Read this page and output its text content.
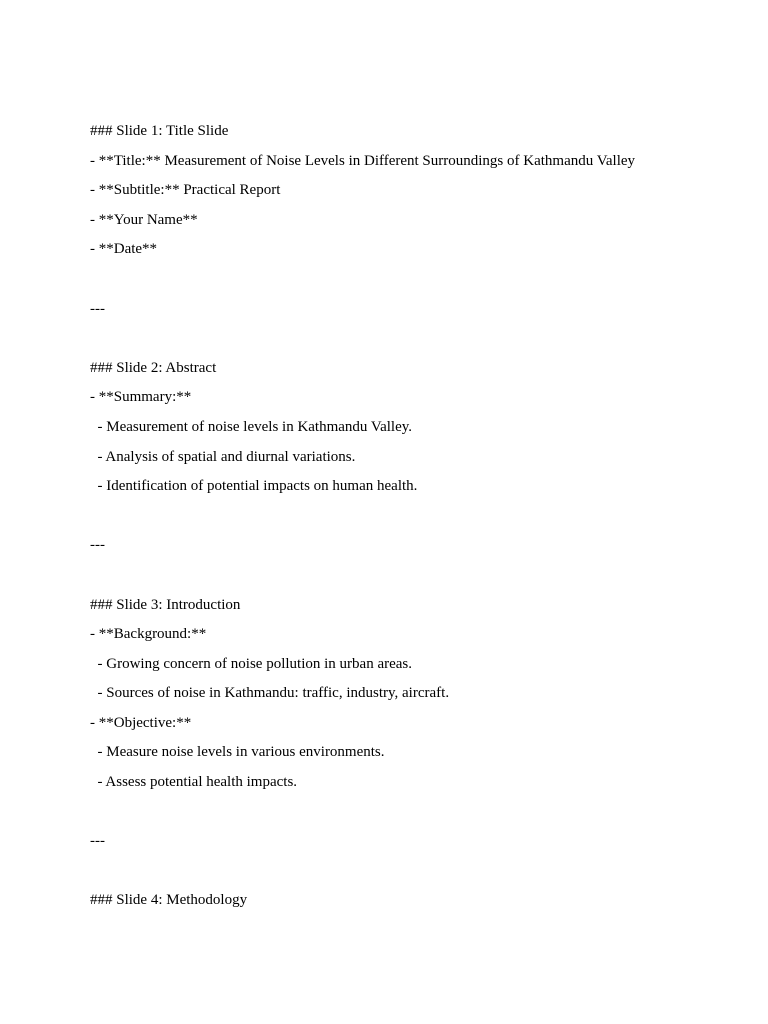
### Slide 1: Title Slide
- **Title:** Measurement of Noise Levels in Different Surroundings of Kathmandu Valley
- **Subtitle:** Practical Report
- **Your Name**
- **Date**
---
### Slide 2: Abstract
- **Summary:**
- Measurement of noise levels in Kathmandu Valley.
- Analysis of spatial and diurnal variations.
- Identification of potential impacts on human health.
---
### Slide 3: Introduction
- **Background:**
- Growing concern of noise pollution in urban areas.
- Sources of noise in Kathmandu: traffic, industry, aircraft.
- **Objective:**
- Measure noise levels in various environments.
- Assess potential health impacts.
---
### Slide 4: Methodology
